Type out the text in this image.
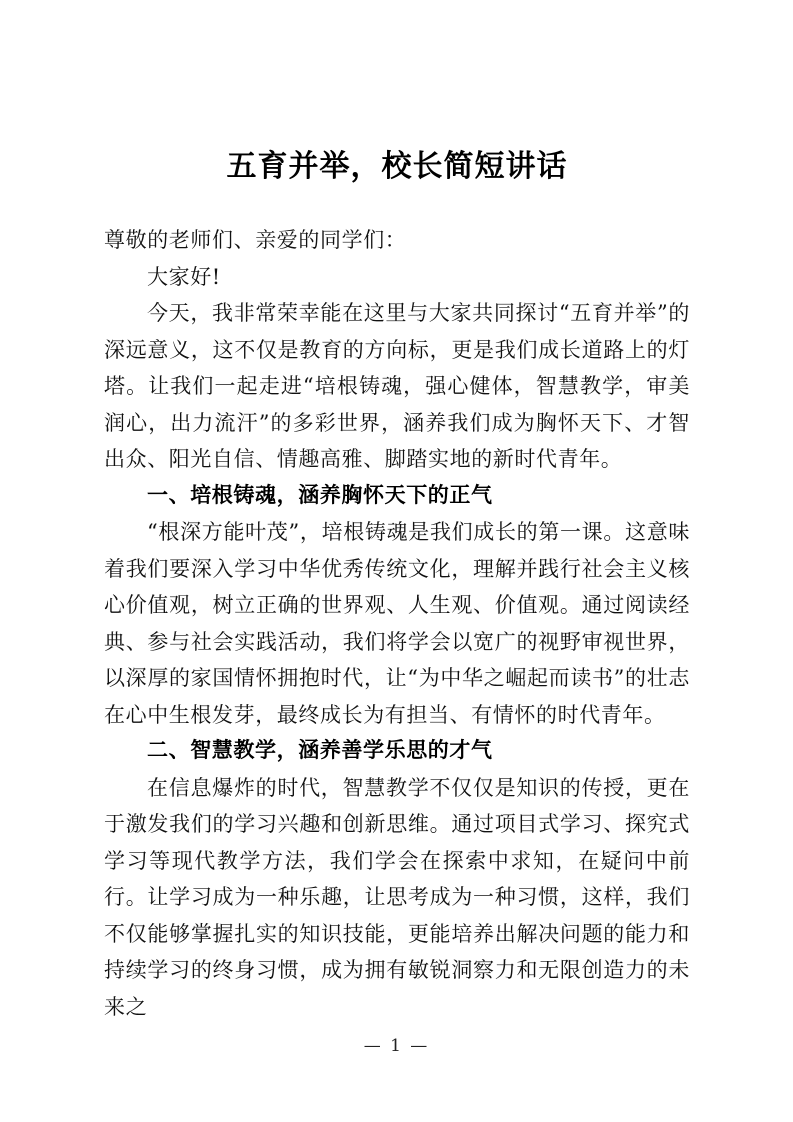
五育并举，校长简短讲话

尊敬的老师们、亲爱的同学们：

大家好!

今天，我非常荣幸能在这里与大家共同探讨“五育并举”的深远意义，这不仅是教育的方向标，更是我们成长道路上的灯塔。让我们一起走进“培根铸魂，强心健体，智慧教学，审美润心，出力流汗”的多彩世界，涵养我们成为胸怀天下、才智出众、阳光自信、情趣高雅、脚踏实地的新时代青年。

一、培根铸魂，涵养胸怀天下的正气

“根深方能叶茂”，培根铸魂是我们成长的第一课。这意味着我们要深入学习中华优秀传统文化，理解并践行社会主义核心价值观，树立正确的世界观、人生观、价值观。通过阅读经典、参与社会实践活动，我们将学会以宽广的视野审视世界，以深厚的家国情怀拥抱时代，让“为中华之崛起而读书”的壮志在心中生根发芽，最终成长为有担当、有情怀的时代青年。

二、智慧教学，涵养善学乐思的才气

在信息爆炸的时代，智慧教学不仅仅是知识的传授，更在于激发我们的学习兴趣和创新思维。通过项目式学习、探究式学习等现代教学方法，我们学会在探索中求知，在疑问中前行。让学习成为一种乐趣，让思考成为一种习惯，这样，我们不仅能够掌握扎实的知识技能，更能培养出解决问题的能力和持续学习的终身习惯，成为拥有敏锐洞察力和无限创造力的未来之

— 1 —
